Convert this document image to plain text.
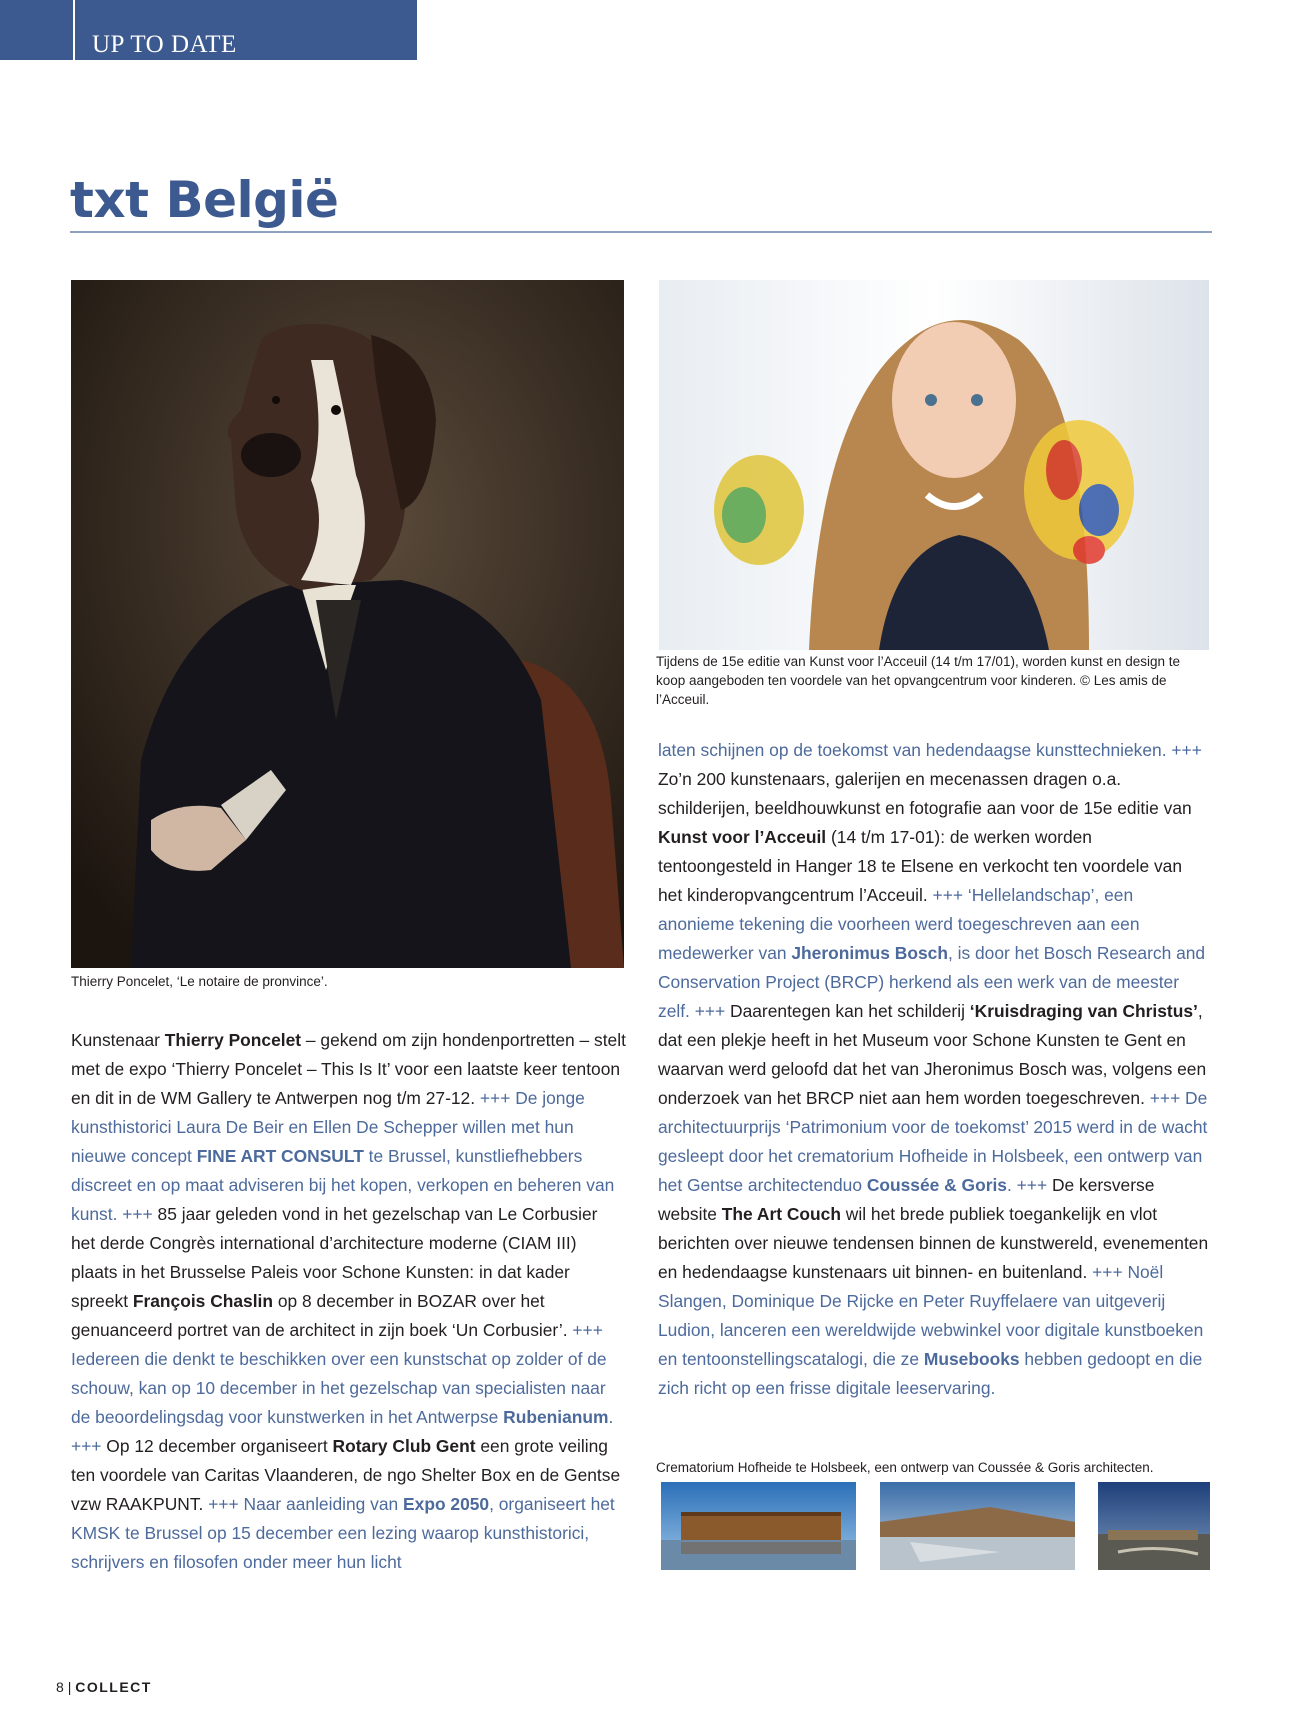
UP TO DATE
txt België
Thierry Poncelet, ‘Le notaire de pronvince’.
Tijdens de 15e editie van Kunst voor l’Acceuil (14 t/m 17/01), worden kunst en design te koop aangeboden ten voordele van het opvangcentrum voor kinderen. © Les amis de l’Acceuil.
Kunstenaar Thierry Poncelet – gekend om zijn hondenportretten – stelt met de expo ‘Thierry Poncelet – This Is It’ voor een laatste keer tentoon en dit in de WM Gallery te Antwerpen nog t/m 27-12. +++ De jonge kunsthistorici Laura De Beir en Ellen De Schepper willen met hun nieuwe concept FINE ART CONSULT te Brussel, kunstliefhebbers discreet en op maat adviseren bij het kopen, verkopen en beheren van kunst. +++ 85 jaar geleden vond in het gezelschap van Le Corbusier het derde Congrès international d’architecture moderne (CIAM III) plaats in het Brusselse Paleis voor Schone Kunsten: in dat kader spreekt François Chaslin op 8 december in BOZAR over het genuanceerd portret van de architect in zijn boek ‘Un Corbusier’. +++ Iedereen die denkt te beschikken over een kunstschat op zolder of de schouw, kan op 10 december in het gezelschap van specialisten naar de beoordelingsdag voor kunstwerken in het Antwerpse Rubenianum. +++ Op 12 december organiseert Rotary Club Gent een grote veiling ten voordele van Caritas Vlaanderen, de ngo Shelter Box en de Gentse vzw RAAKPUNT. +++ Naar aanleiding van Expo 2050, organiseert het KMSK te Brussel op 15 december een lezing waarop kunsthistorici, schrijvers en filosofen onder meer hun licht
laten schijnen op de toekomst van hedendaagse kunsttechnieken. +++ Zo’n 200 kunstenaars, galerijen en mecenassen dragen o.a. schilderijen, beeldhouwkunst en fotografie aan voor de 15e editie van Kunst voor l’Acceuil (14 t/m 17-01): de werken worden tentoongesteld in Hanger 18 te Elsene en verkocht ten voordele van het kinderopvangcentrum l’Acceuil. +++ ‘Hellelandschap’, een anonieme tekening die voorheen werd toegeschreven aan een medewerker van Jheronimus Bosch, is door het Bosch Research and Conservation Project (BRCP) herkend als een werk van de meester zelf. +++ Daarentegen kan het schilderij ‘Kruisdraging van Christus’, dat een plekje heeft in het Museum voor Schone Kunsten te Gent en waarvan werd geloofd dat het van Jheronimus Bosch was, volgens een onderzoek van het BRCP niet aan hem worden toegeschreven. +++ De architectuurprijs ‘Patrimonium voor de toekomst’ 2015 werd in de wacht gesleept door het crematorium Hofheide in Holsbeek, een ontwerp van het Gentse architectenduo Coussée & Goris. +++ De kersverse website The Art Couch wil het brede publiek toegankelijk en vlot berichten over nieuwe tendensen binnen de kunstwereld, evenementen en hedendaagse kunstenaars uit binnen- en buitenland. +++ Noël Slangen, Dominique De Rijcke en Peter Ruyffelaere van uitgeverij Ludion, lanceren een wereldwijde webwinkel voor digitale kunstboeken en tentoonstellingscatalogi, die ze Musebooks hebben gedoopt en die zich richt op een frisse digitale leeservaring.
Crematorium Hofheide te Holsbeek, een ontwerp van Coussée & Goris architecten.
8 | COLLECT
